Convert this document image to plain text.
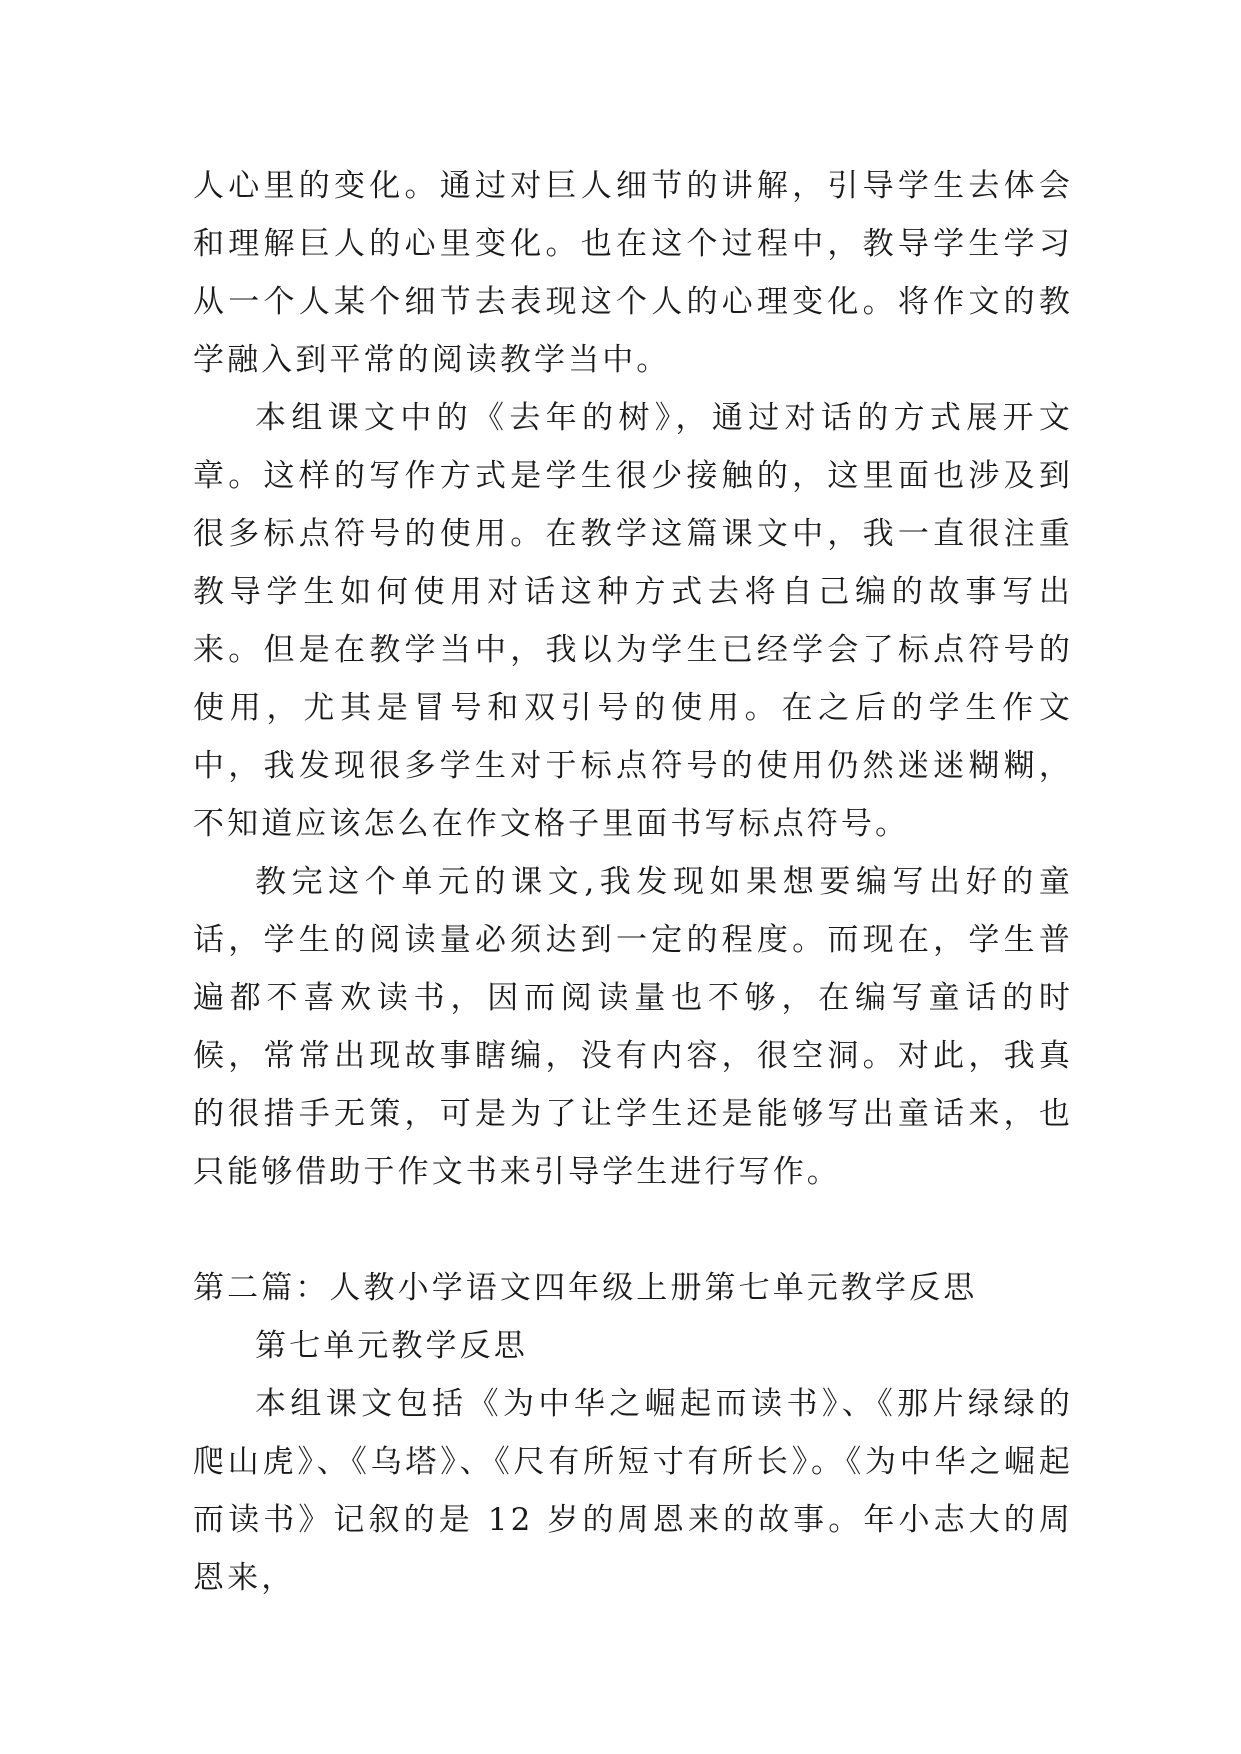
人心里的变化。通过对巨人细节的讲解，引导学生去体会和理解巨人的心里变化。也在这个过程中，教导学生学习从一个人某个细节去表现这个人的心理变化。将作文的教学融入到平常的阅读教学当中。

本组课文中的《去年的树》，通过对话的方式展开文章。这样的写作方式是学生很少接触的，这里面也涉及到很多标点符号的使用。在教学这篇课文中，我一直很注重教导学生如何使用对话这种方式去将自己编的故事写出来。但是在教学当中，我以为学生已经学会了标点符号的使用，尤其是冒号和双引号的使用。在之后的学生作文中，我发现很多学生对于标点符号的使用仍然迷迷糊糊，不知道应该怎么在作文格子里面书写标点符号。

教完这个单元的课文,我发现如果想要编写出好的童话，学生的阅读量必须达到一定的程度。而现在，学生普遍都不喜欢读书，因而阅读量也不够，在编写童话的时候，常常出现故事瞎编，没有内容，很空洞。对此，我真的很措手无策，可是为了让学生还是能够写出童话来，也只能够借助于作文书来引导学生进行写作。

第二篇：人教小学语文四年级上册第七单元教学反思

第七单元教学反思

本组课文包括《为中华之崛起而读书》、《那片绿绿的爬山虎》、《乌塔》、《尺有所短寸有所长》。《为中华之崛起而读书》记叙的是 12 岁的周恩来的故事。年小志大的周恩来，
